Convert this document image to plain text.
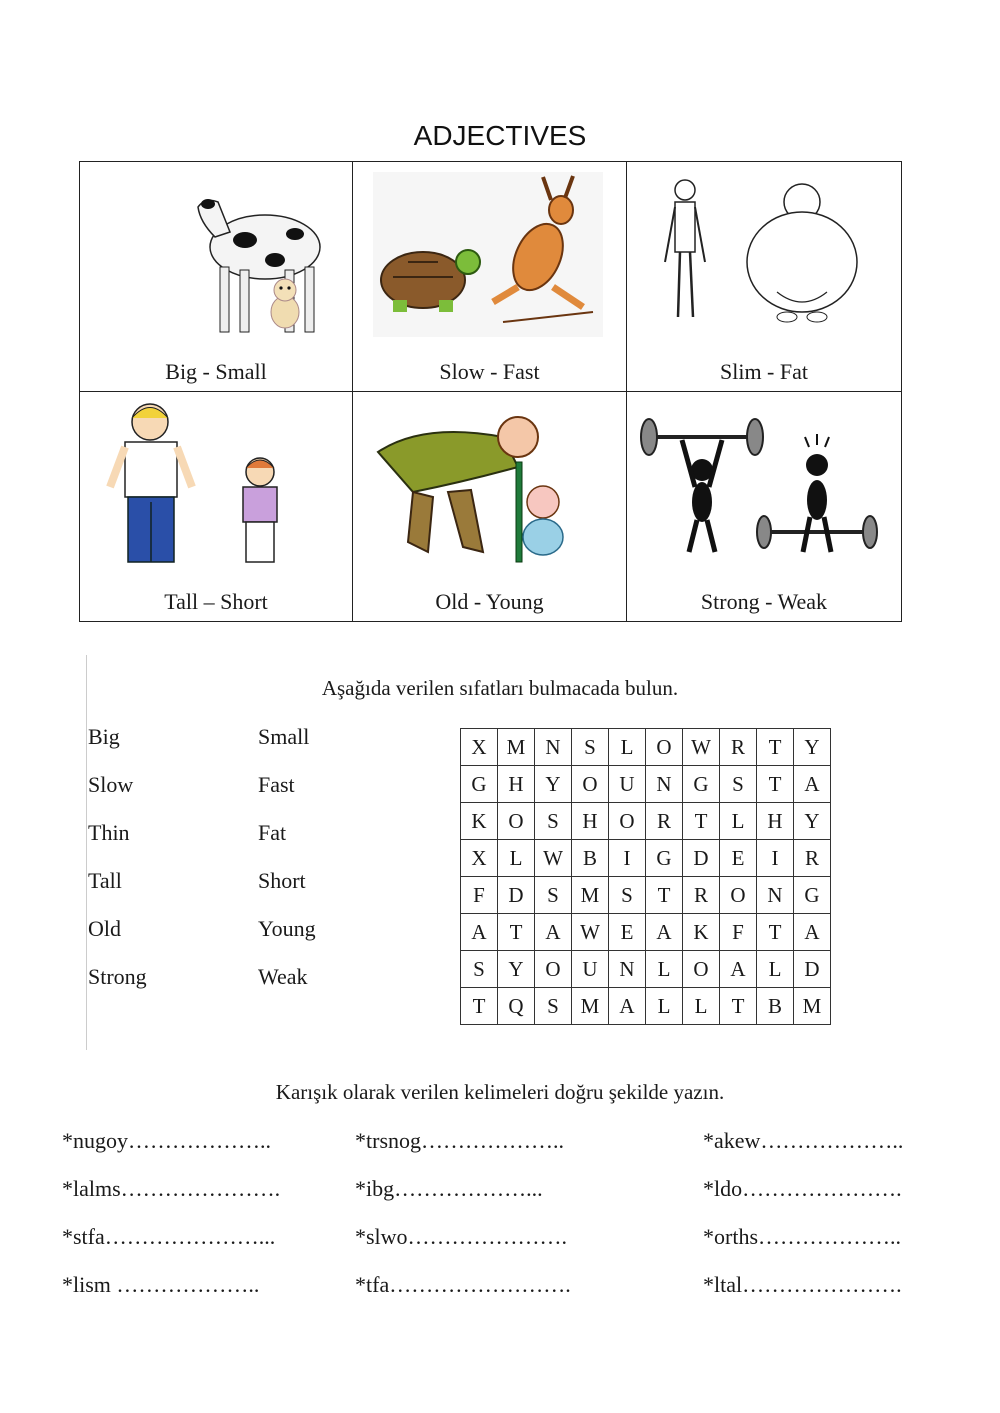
ADJECTIVES
Big - Small	Slow - Fast	Slim - Fat
Tall – Short	Old - Young	Strong - Weak
Aşağıda verilen sıfatları bulmacada bulun.
Big	Small
Slow	Fast
Thin	Fat
Tall	Short
Old	Young
Strong	Weak
X	M	N	S	L	O	W	R	T	Y
G	H	Y	O	U	N	G	S	T	A
K	O	S	H	O	R	T	L	H	Y
X	L	W	B	I	G	D	E	I	R
F	D	S	M	S	T	R	O	N	G
A	T	A	W	E	A	K	F	T	A
S	Y	O	U	N	L	O	A	L	D
T	Q	S	M	A	L	L	T	B	M
Karışık olarak verilen kelimeleri doğru şekilde yazın.
*nugoy………………..	*trsnog………………..	*akew………………..
*lalms………………….	*ibg………………...	*ldo………………….
*stfa…………………...	*slwo………………….	*orths………………..
*lism ………………..	*tfa…………………….	*ltal………………….
